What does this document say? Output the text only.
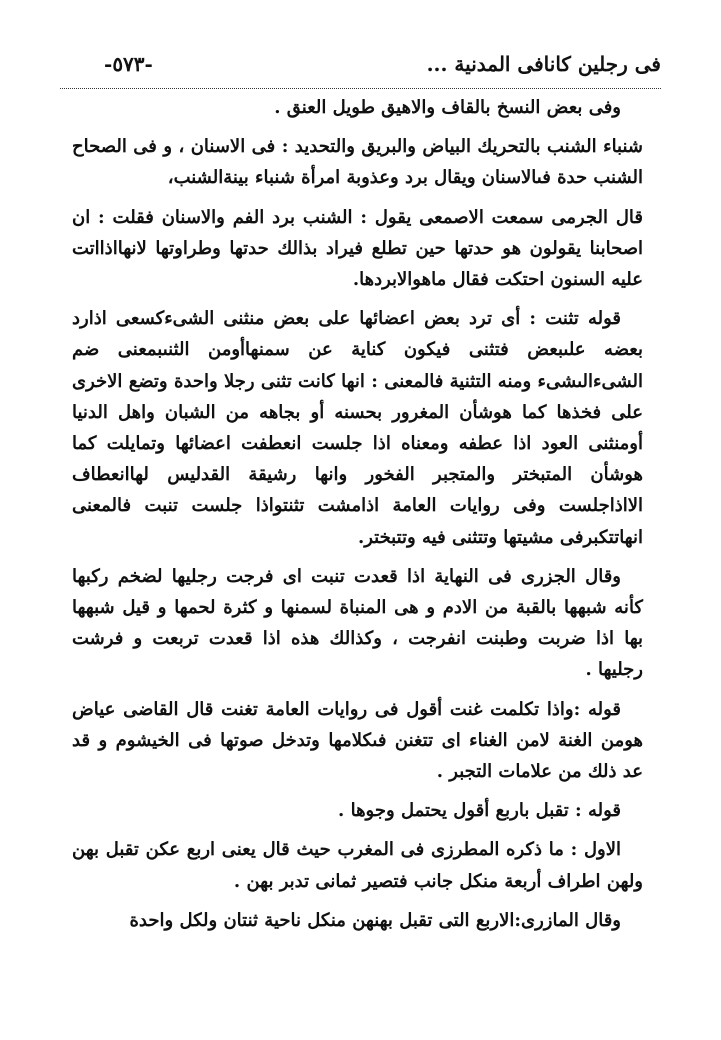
فى رجلين كانافى المدنية ...
-٥٧٣-

وفى بعض النسخ بالقاف والاهيق طويل العنق .

شنباء الشنب بالتحريك البياض والبريق والتحديد : فى الاسنان ، و فى الصحاح الشنب حدة فىالاسنان ويقال برد وعذوبة امرأة شنباء بينةالشنب،

قال الجرمى سمعت الاصمعى يقول : الشنب برد الفم والاسنان فقلت : ان اصحابنا يقولون هو حدتها حين تطلع فيراد بذالك حدتها وطراوتها لانهااذااتت عليه السنون احتكت فقال ماهوالابردها.

قوله تثنت : أى ترد بعض اعضائها على بعض منثنى الشىءكسعى اذارد بعضه علىبعض فتثنى فيكون كناية عن سمنهاأومن الثنىبمعنى ضم الشىءالىشىء ومنه التثنية فالمعنى : انها كانت تثنى رجلا واحدة وتضع الاخرى على فخذها كما هوشأن المغرور بحسنه أو بجاهه من الشبان واهل الدنيا أومنثنى العود اذا عطفه ومعناه اذا جلست انعطفت اعضائها وتمايلت كما هوشأن المتبختر والمتجبر الفخور وانها رشيقة القدليس لهاانعطاف الااذاجلست وفى روايات العامة اذامشت تثنتواذا جلست تنبت فالمعنى انهاتتكبرفى مشيتها وتتثنى فيه وتتبختر.

وقال الجزرى فى النهاية اذا قعدت تنبت اى فرجت رجليها لضخم ركبها كأنه شبهها بالقبة من الادم و هى المنباة لسمنها و كثرة لحمها و قيل شبهها بها اذا ضربت وطبنت انفرجت ، وكذالك هذه اذا قعدت تربعت و فرشت رجليها .

قوله :واذا تكلمت غنت أقول فى روايات العامة تغنت قال القاضى عياض هومن الغنة لامن الغناء اى تتغنن فىكلامها وتدخل صوتها فى الخيشوم و قد عد ذلك من علامات التجبر .

قوله : تقبل باربع أقول يحتمل وجوها .

الاول : ما ذكره المطرزى فى المغرب حيث قال يعنى اربع عكن تقبل بهن ولهن اطراف أربعة منكل جانب فتصير ثمانى تدبر بهن .

وقال المازرى:الاربع التى تقبل بهنهن منكل ناحية ثنتان ولكل واحدة
